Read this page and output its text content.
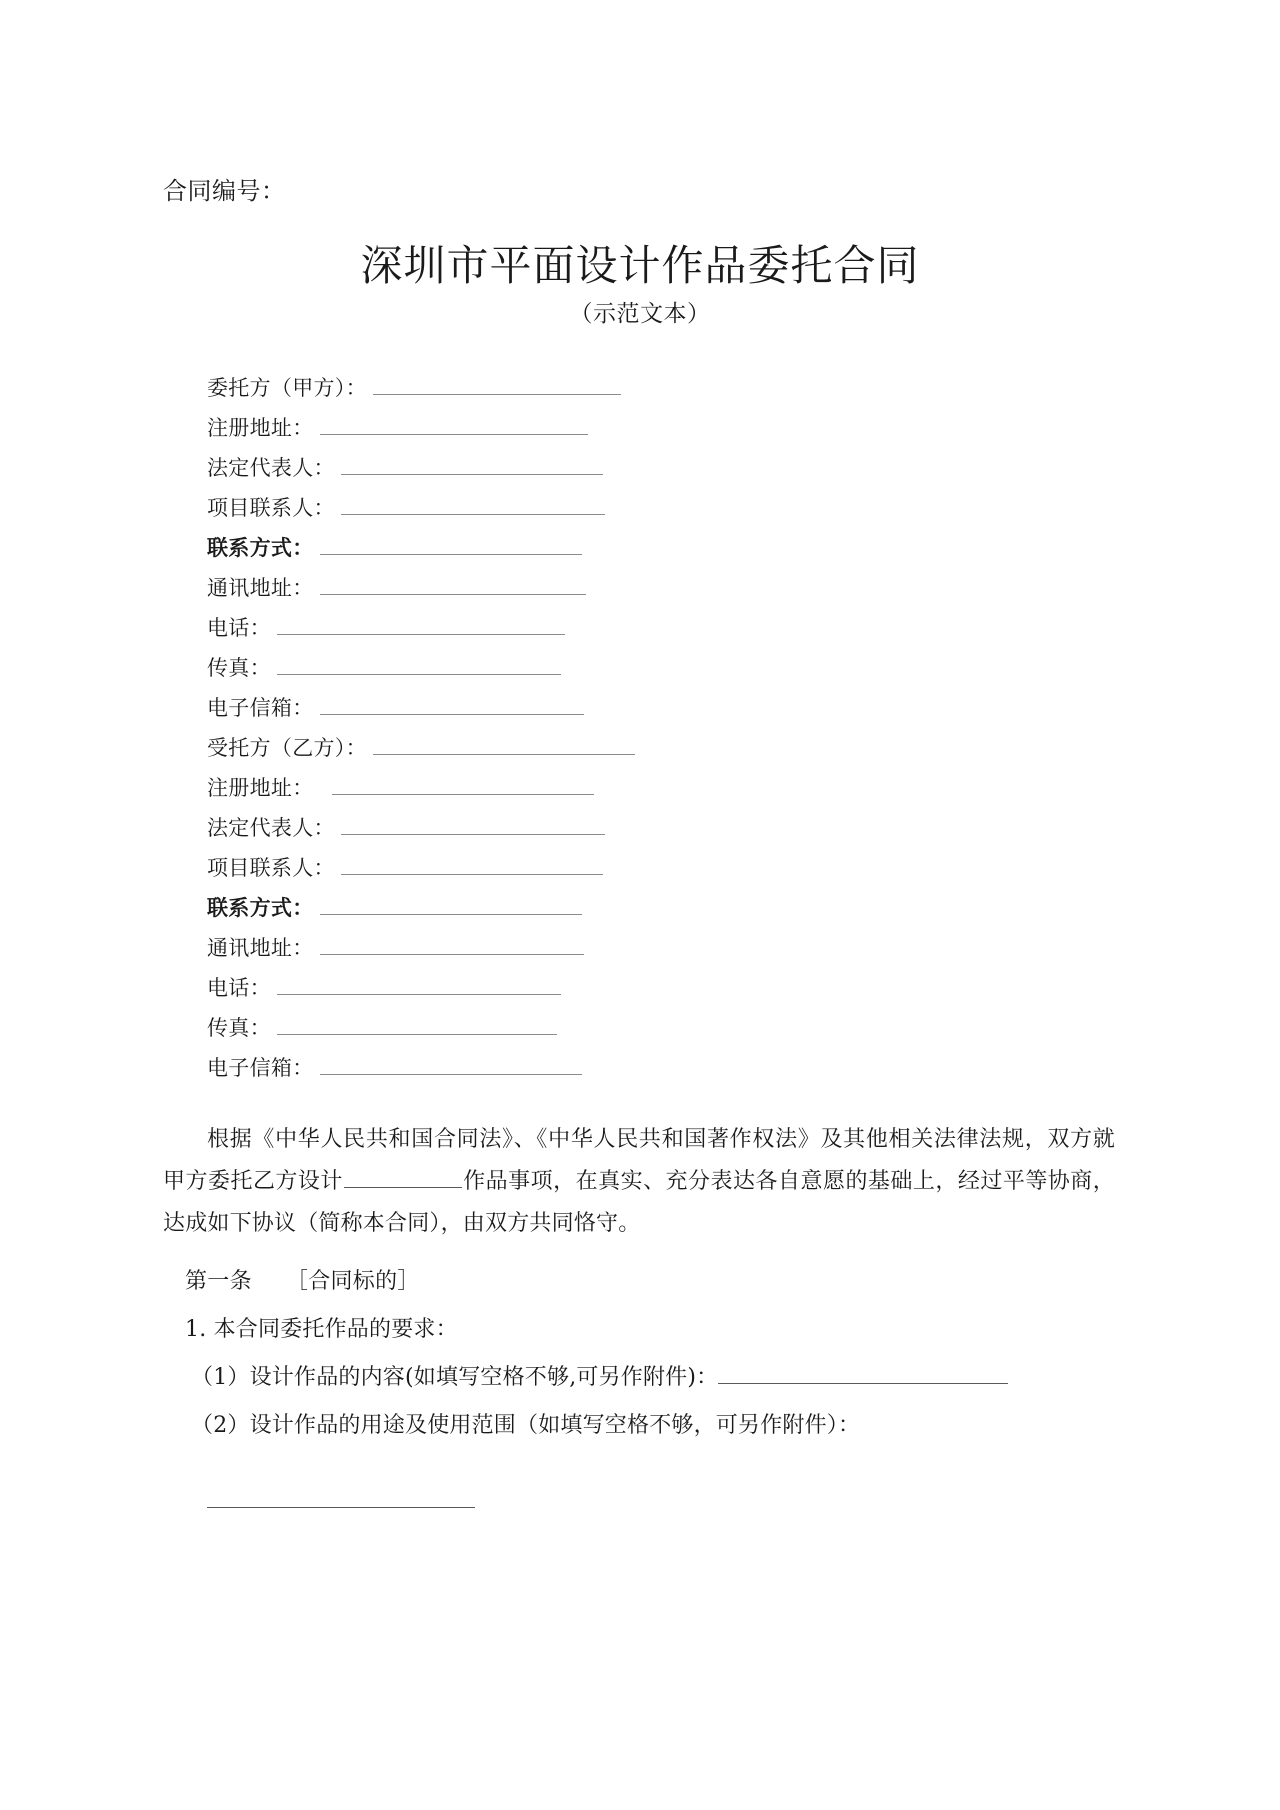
合同编号：
深圳市平面设计作品委托合同
（示范文本）
委托方（甲方）：
注册地址：
法定代表人：
项目联系人：
联系方式：
通讯地址：
电话：
传真：
电子信箱：
受托方（乙方）：
注册地址：
法定代表人：
项目联系人：
联系方式：
通讯地址：
电话：
传真：
电子信箱：

根据《中华人民共和国合同法》、《中华人民共和国著作权法》及其他相关法律法规，双方就甲方委托乙方设计	作品事项，在真实、充分表达各自意愿的基础上，经过平等协商，达成如下协议（简称本合同），由双方共同恪守。

第一条 ［合同标的］

1. 本合同委托作品的要求：

（1）设计作品的内容(如填写空格不够,可另作附件)：

（2）设计作品的用途及使用范围（如填写空格不够，可另作附件）：
